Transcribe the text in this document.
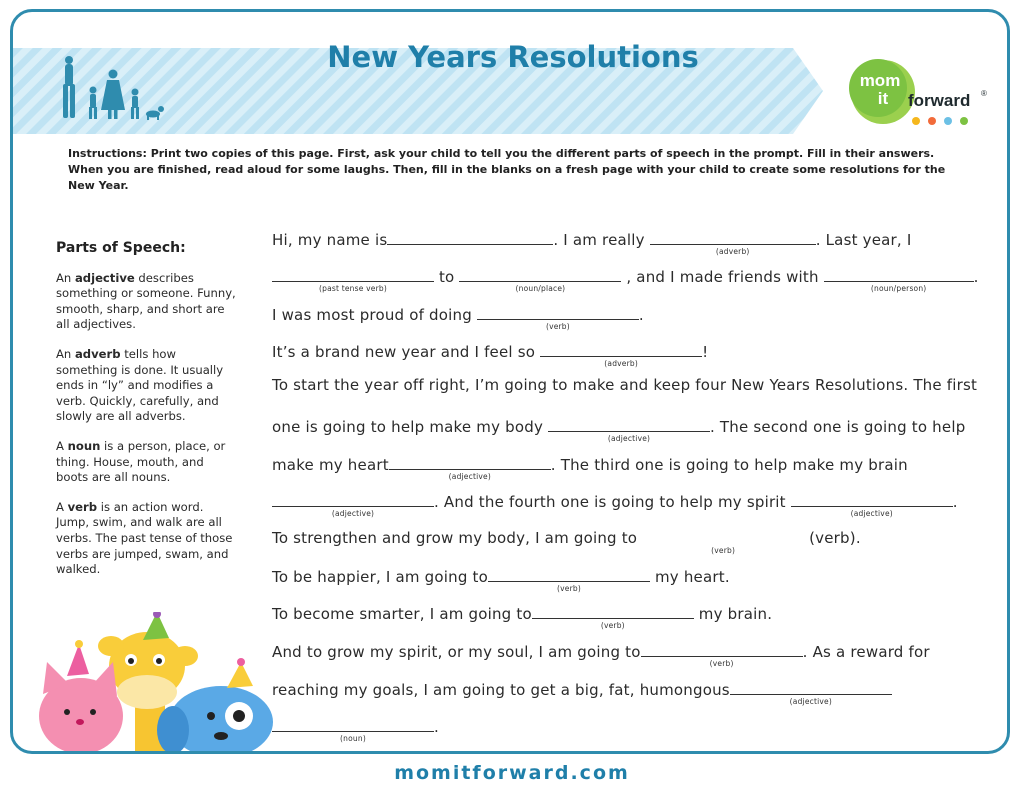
New Years Resolutions
mom
it forward ®
Instructions: Print two copies of this page. First, ask your child to tell you the different parts of speech in the prompt. Fill in their answers. When you are finished, read aloud for some laughs. Then, fill in the blanks on a fresh page with your child to create some resolutions for the New Year.
Parts of Speech:

An adjective describes something or someone. Funny, smooth, sharp, and short are all adjectives.

An adverb tells how something is done. It usually ends in “ly” and modifies a verb. Quickly, carefully, and slowly are all adverbs.

A noun is a person, place, or thing. House, mouth, and boots are all nouns.

A verb is an action word. Jump, swim, and walk are all verbs. The past tense of those verbs are jumped, swam, and walked.

Hi, my name is	. I am really
(adverb)
. Last year, I
(past tense verb)
to
(noun/place)
, and I made friends with
(noun/person)
.
I was most proud of doing
(verb)
.
It’s a brand new year and I feel so
(adverb)
!
To start the year off right, I’m going to make and keep four New Years Resolutions. The first
one is going to help make my body
(adjective)
. The second one is going to help
make my heart
(adjective)
. The third one is going to help make my brain
(adjective)
. And the fourth one is going to help my spirit
(adjective)
.
To strengthen and grow my body, I am going to
(verb)
(verb).
To be happier, I am going to
(verb)
my heart.
To become smarter, I am going to
(verb)
my brain.
And to grow my spirit, or my soul, I am going to
(verb)
. As a reward for
reaching my goals, I am going to get a big, fat, humongous
(adjective)
(noun)
.
momitforward.com
